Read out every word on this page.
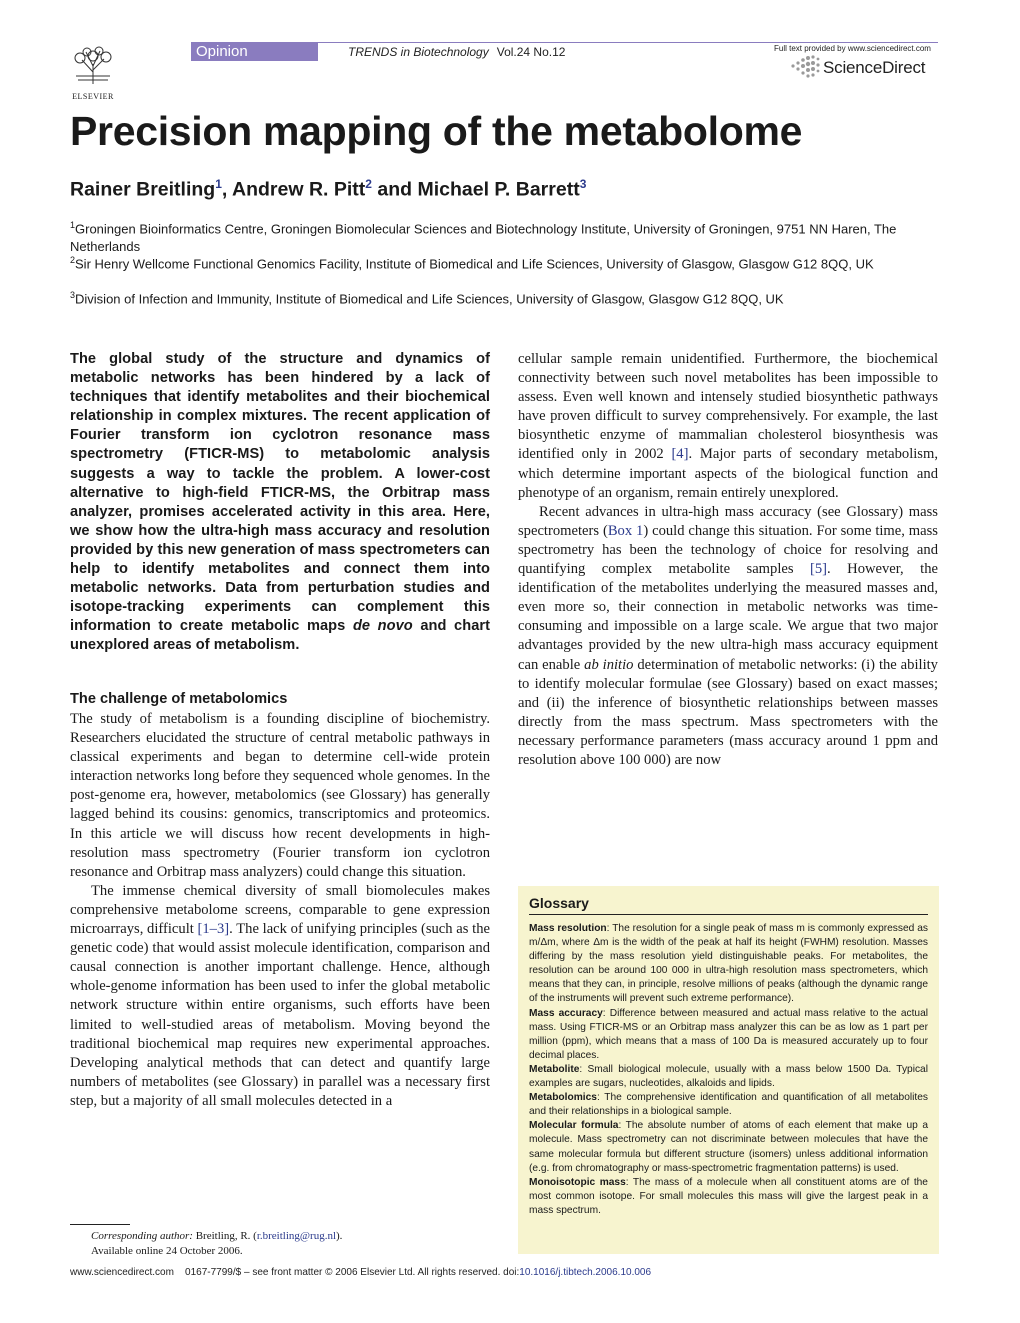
ELSEVIER
Opinion	TRENDS in Biotechnology Vol.24 No.12	Full text provided by www.sciencedirect.com
ScienceDirect
Precision mapping of the metabolome
Rainer Breitling$^1$, Andrew R. Pitt$^2$ and Michael P. Barrett$^3$
$^1$Groningen Bioinformatics Centre, Groningen Biomolecular Sciences and Biotechnology Institute, University of Groningen, 9751 NN Haren, The Netherlands
$^2$Sir Henry Wellcome Functional Genomics Facility, Institute of Biomedical and Life Sciences, University of Glasgow, Glasgow G12 8QQ, UK
$^3$Division of Infection and Immunity, Institute of Biomedical and Life Sciences, University of Glasgow, Glasgow G12 8QQ, UK
The global study of the structure and dynamics of metabolic networks has been hindered by a lack of techniques that identify metabolites and their biochemical relationship in complex mixtures. The recent application of Fourier transform ion cyclotron resonance mass spectrometry (FTICR-MS) to metabolomic analysis suggests a way to tackle the problem. A lower-cost alternative to high-field FTICR-MS, the Orbitrap mass analyzer, promises accelerated activity in this area. Here, we show how the ultra-high mass accuracy and resolution provided by this new generation of mass spectrometers can help to identify metabolites and connect them into metabolic networks. Data from perturbation studies and isotope-tracking experiments can complement this information to create metabolic maps de novo and chart unexplored areas of metabolism.
The challenge of metabolomics

The study of metabolism is a founding discipline of biochemistry. Researchers elucidated the structure of central metabolic pathways in classical experiments and began to determine cell-wide protein interaction networks long before they sequenced whole genomes. In the post-genome era, however, metabolomics (see Glossary) has generally lagged behind its cousins: genomics, transcriptomics and proteomics. In this article we will discuss how recent developments in high-resolution mass spectrometry (Fourier transform ion cyclotron resonance and Orbitrap mass analyzers) could change this situation.

The immense chemical diversity of small biomolecules makes comprehensive metabolome screens, comparable to gene expression microarrays, difficult [1–3]. The lack of unifying principles (such as the genetic code) that would assist molecule identification, comparison and causal connection is another important challenge. Hence, although whole-genome information has been used to infer the global metabolic network structure within entire organisms, such efforts have been limited to well-studied areas of metabolism. Moving beyond the traditional biochemical map requires new experimental approaches. Developing analytical methods that can detect and quantify large numbers of metabolites (see Glossary) in parallel was a necessary first step, but a majority of all small molecules detected in a

cellular sample remain unidentified. Furthermore, the biochemical connectivity between such novel metabolites has been impossible to assess. Even well known and intensely studied biosynthetic pathways have proven difficult to survey comprehensively. For example, the last biosynthetic enzyme of mammalian cholesterol biosynthesis was identified only in 2002 [4]. Major parts of secondary metabolism, which determine important aspects of the biological function and phenotype of an organism, remain entirely unexplored.

Recent advances in ultra-high mass accuracy (see Glossary) mass spectrometers (Box 1) could change this situation. For some time, mass spectrometry has been the technology of choice for resolving and quantifying complex metabolite samples [5]. However, the identification of the metabolites underlying the measured masses and, even more so, their connection in metabolic networks was time-consuming and impossible on a large scale. We argue that two major advantages provided by the new ultra-high mass accuracy equipment can enable ab initio determination of metabolic networks: (i) the ability to identify molecular formulae (see Glossary) based on exact masses; and (ii) the inference of biosynthetic relationships between masses directly from the mass spectrum. Mass spectrometers with the necessary performance parameters (mass accuracy around 1 ppm and resolution above 100 000) are now

Corresponding author: Breitling, R. (r.breitling@rug.nl).
Available online 24 October 2006.
Glossary
Mass resolution: The resolution for a single peak of mass m is commonly expressed as m/Δm, where Δm is the width of the peak at half its height (FWHM) resolution. Masses differing by the mass resolution yield distinguishable peaks. For metabolites, the resolution can be around 100 000 in ultra-high resolution mass spectrometers, which means that they can, in principle, resolve millions of peaks (although the dynamic range of the instruments will prevent such extreme performance).
Mass accuracy: Difference between measured and actual mass relative to the actual mass. Using FTICR-MS or an Orbitrap mass analyzer this can be as low as 1 part per million (ppm), which means that a mass of 100 Da is measured accurately up to four decimal places.
Metabolite: Small biological molecule, usually with a mass below 1500 Da. Typical examples are sugars, nucleotides, alkaloids and lipids.
Metabolomics: The comprehensive identification and quantification of all metabolites and their relationships in a biological sample.
Molecular formula: The absolute number of atoms of each element that make up a molecule. Mass spectrometry can not discriminate between molecules that have the same molecular formula but different structure (isomers) unless additional information (e.g. from chromatography or mass-spectrometric fragmentation patterns) is used.
Monoisotopic mass: The mass of a molecule when all constituent atoms are of the most common isotope. For small molecules this mass will give the largest peak in a mass spectrum.
www.sciencedirect.com 0167-7799/$ – see front matter © 2006 Elsevier Ltd. All rights reserved. doi:10.1016/j.tibtech.2006.10.006
